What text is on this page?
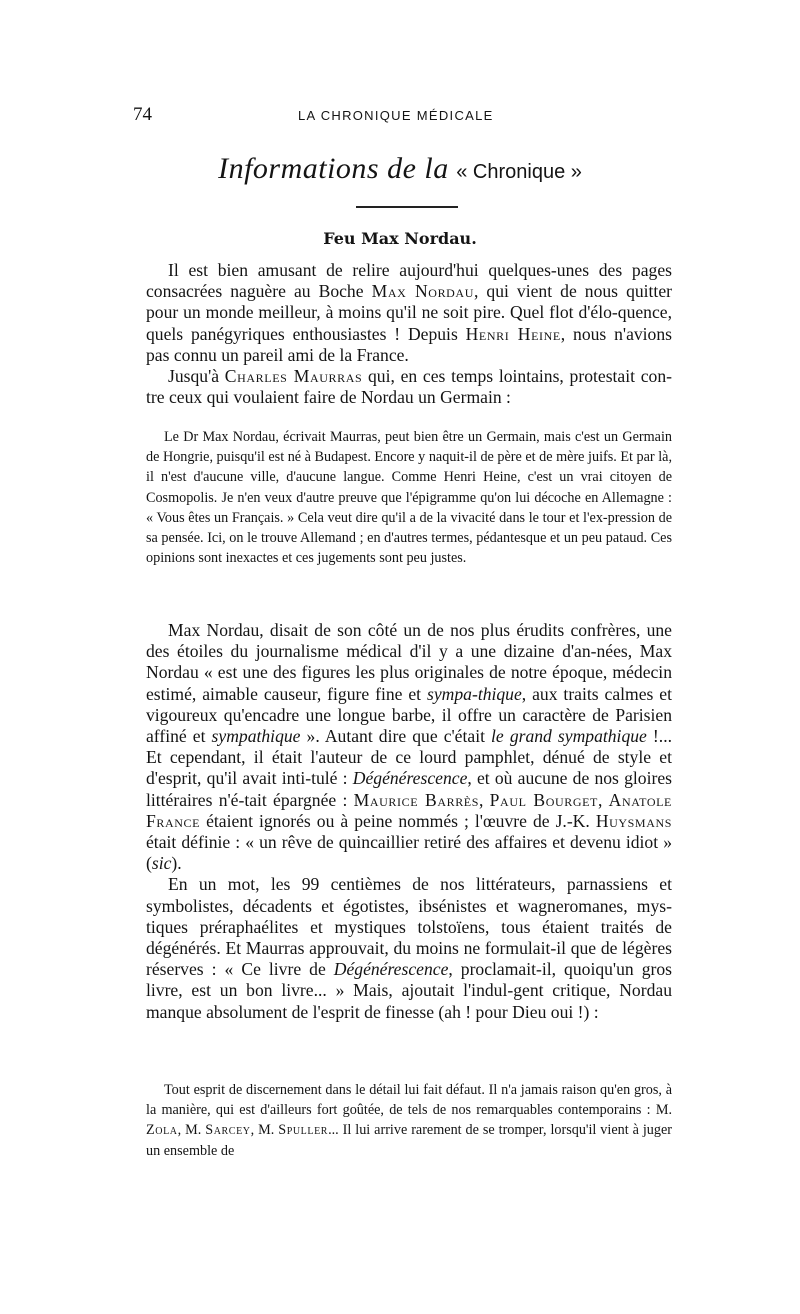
74	LA CHRONIQUE MÉDICALE
Informations de la « Chronique »
Feu Max Nordau.

Il est bien amusant de relire aujourd'hui quelques-unes des pages consacrées naguère au Boche Max Nordau, qui vient de nous quitter pour un monde meilleur, à moins qu'il ne soit pire. Quel flot d'élo-quence, quels panégyriques enthousiastes ! Depuis Henri Heine, nous n'avions pas connu un pareil ami de la France.

Jusqu'à Charles Maurras qui, en ces temps lointains, protestait con-tre ceux qui voulaient faire de Nordau un Germain :

Le Dr Max Nordau, écrivait Maurras, peut bien être un Germain, mais c'est un Germain de Hongrie, puisqu'il est né à Budapest. Encore y naquit-il de père et de mère juifs. Et par là, il n'est d'aucune ville, d'aucune langue. Comme Henri Heine, c'est un vrai citoyen de Cosmopolis. Je n'en veux d'autre preuve que l'épigramme qu'on lui décoche en Allemagne : « Vous êtes un Français. » Cela veut dire qu'il a de la vivacité dans le tour et l'ex-pression de sa pensée. Ici, on le trouve Allemand ; en d'autres termes, pédantesque et un peu pataud. Ces opinions sont inexactes et ces jugements sont peu justes.

Max Nordau, disait de son côté un de nos plus érudits confrères, une des étoiles du journalisme médical d'il y a une dizaine d'an-nées, Max Nordau « est une des figures les plus originales de notre époque, médecin estimé, aimable causeur, figure fine et sympa-thique, aux traits calmes et vigoureux qu'encadre une longue barbe, il offre un caractère de Parisien affiné et sympathique ». Autant dire que c'était le grand sympathique !... Et cependant, il était l'auteur de ce lourd pamphlet, dénué de style et d'esprit, qu'il avait inti-tulé : Dégénérescence, et où aucune de nos gloires littéraires n'é-tait épargnée : Maurice Barrès, Paul Bourget, Anatole France étaient ignorés ou à peine nommés ; l'œuvre de J.-K. Huysmans était définie : « un rêve de quincaillier retiré des affaires et devenu idiot » (sic).

En un mot, les 99 centièmes de nos littérateurs, parnassiens et symbolistes, décadents et égotistes, ibsénistes et wagneromanes, mys-tiques préraphaélites et mystiques tolstoïens, tous étaient traités de dégénérés. Et Maurras approuvait, du moins ne formulait-il que de légères réserves : « Ce livre de Dégénérescence, proclamait-il, quoiqu'un gros livre, est un bon livre... » Mais, ajoutait l'indul-gent critique, Nordau manque absolument de l'esprit de finesse (ah ! pour Dieu oui !) :

Tout esprit de discernement dans le détail lui fait défaut. Il n'a jamais raison qu'en gros, à la manière, qui est d'ailleurs fort goûtée, de tels de nos remarquables contemporains : M. Zola, M. Sarcey, M. Spuller... Il lui arrive rarement de se tromper, lorsqu'il vient à juger un ensemble de
